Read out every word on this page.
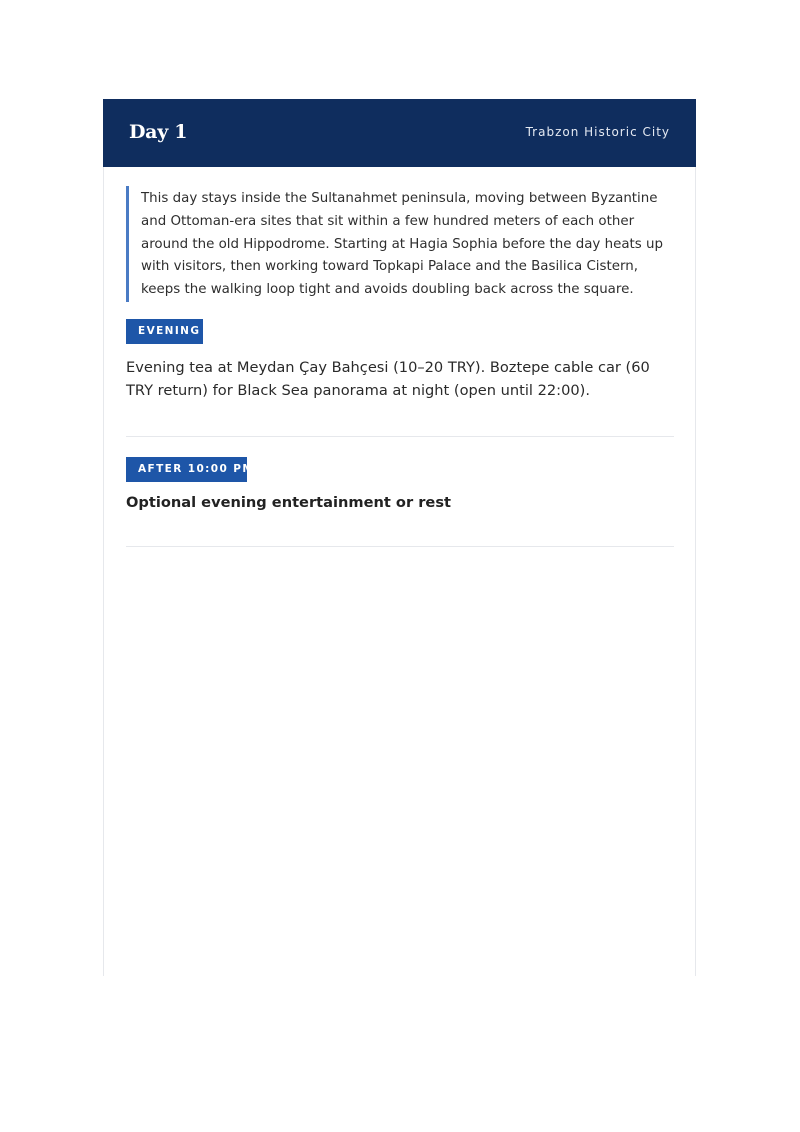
Day 1	Trabzon Historic City
This day stays inside the Sultanahmet peninsula, moving between Byzantine and Ottoman-era sites that sit within a few hundred meters of each other around the old Hippodrome. Starting at Hagia Sophia before the day heats up with visitors, then working toward Topkapi Palace and the Basilica Cistern, keeps the walking loop tight and avoids doubling back across the square.
EVENING
Evening tea at Meydan Çay Bahçesi (10–20 TRY). Boztepe cable car (60 TRY return) for Black Sea panorama at night (open until 22:00).
AFTER 10:00 PM
Optional evening entertainment or rest
